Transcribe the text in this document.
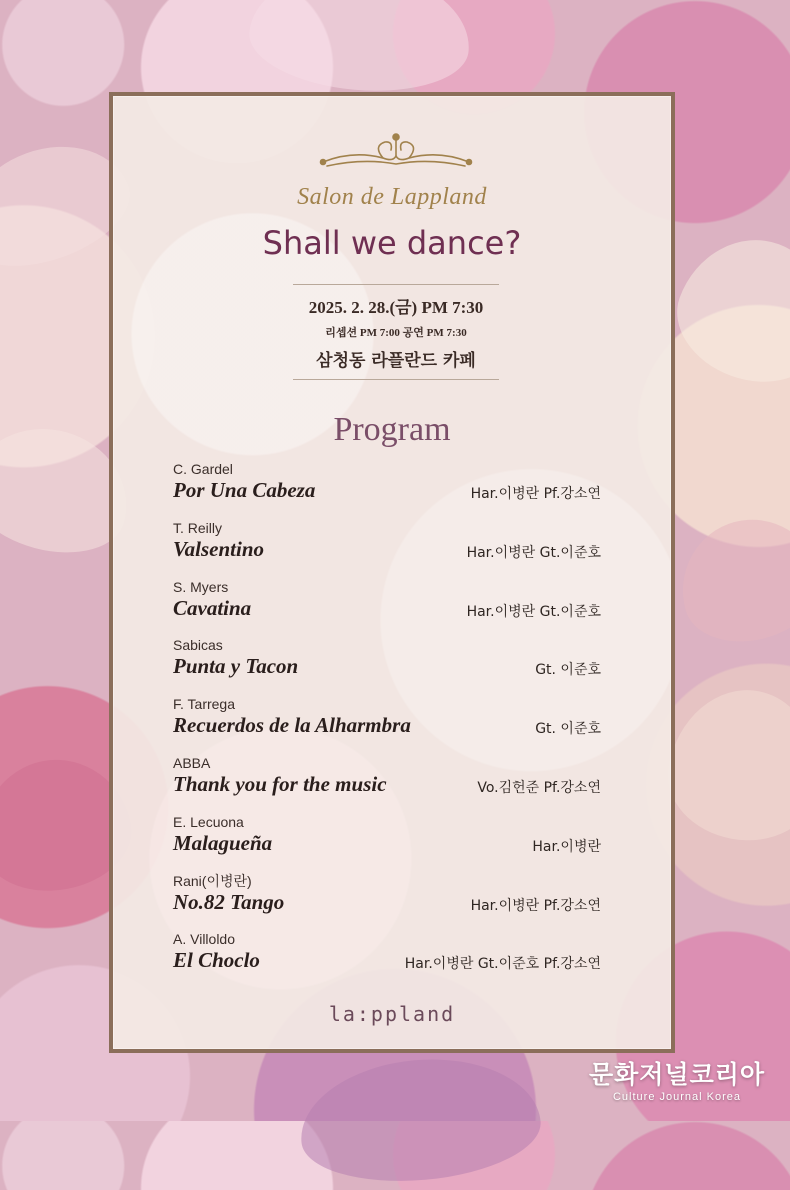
Salon de Lappland
Shall we dance?
2025. 2. 28.(금) PM 7:30
리셉션 PM 7:00 공연 PM 7:30
삼청동 라플란드 카페
Program
C. Gardel
Por Una Cabeza	Har.이병란 Pf.강소연
T. Reilly
Valsentino	Har.이병란 Gt.이준호
S. Myers
Cavatina	Har.이병란 Gt.이준호
Sabicas
Punta y Tacon	Gt. 이준호
F. Tarrega
Recuerdos de la Alharmbra	Gt. 이준호
ABBA
Thank you for the music	Vo.김헌준 Pf.강소연
E. Lecuona
Malagueña	Har.이병란
Rani(이병란)
No.82 Tango	Har.이병란 Pf.강소연
A. Villoldo
El Choclo	Har.이병란 Gt.이준호 Pf.강소연
la:ppland
문화저널코리아
Culture Journal Korea
